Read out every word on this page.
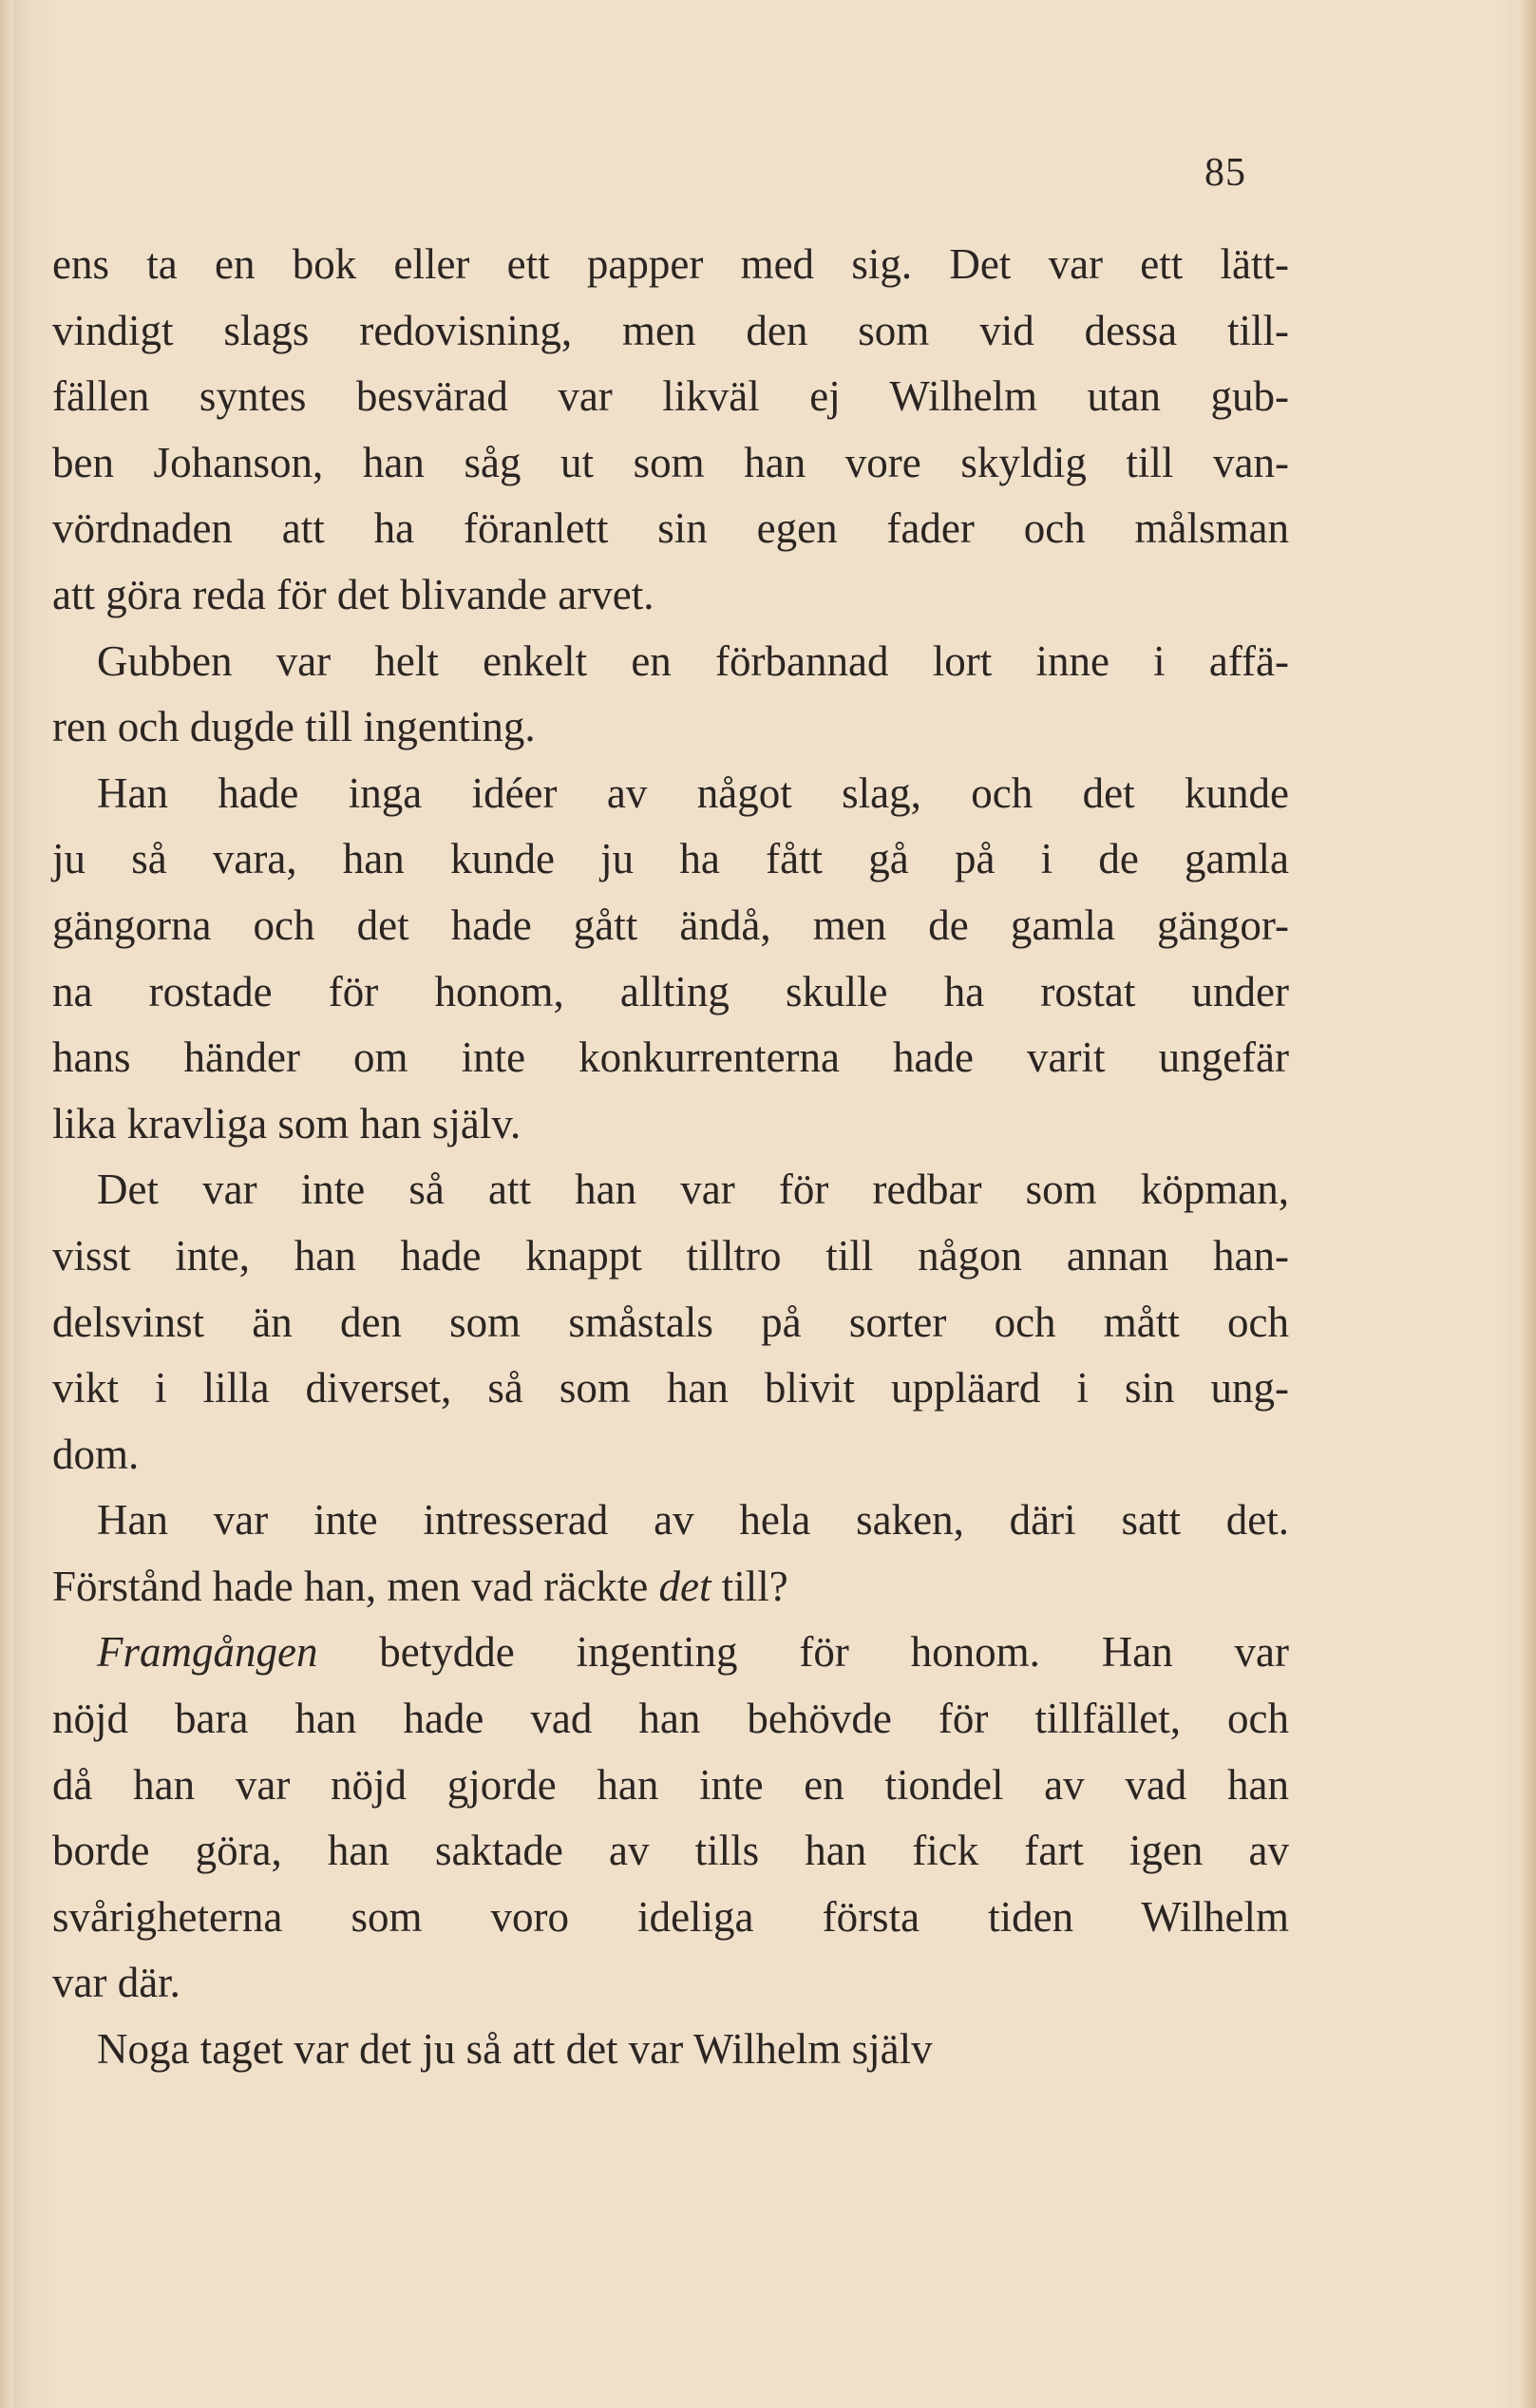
85
ens ta en bok eller ett papper med sig. Det var ett lätt-
vindigt slags redovisning, men den som vid dessa till-
fällen syntes besvärad var likväl ej Wilhelm utan gub-
ben Johanson, han såg ut som han vore skyldig till van-
vördnaden att ha föranlett sin egen fader och målsman
att göra reda för det blivande arvet.
Gubben var helt enkelt en förbannad lort inne i affä-
ren och dugde till ingenting.
Han hade inga idéer av något slag, och det kunde
ju så vara, han kunde ju ha fått gå på i de gamla
gängorna och det hade gått ändå, men de gamla gängor-
na rostade för honom, allting skulle ha rostat under
hans händer om inte konkurrenterna hade varit ungefär
lika kravliga som han själv.
Det var inte så att han var för redbar som köpman,
visst inte, han hade knappt tilltro till någon annan han-
delsvinst än den som småstals på sorter och mått och
vikt i lilla diverset, så som han blivit uppläard i sin ung-
dom.
Han var inte intresserad av hela saken, däri satt det.
Förstånd hade han, men vad räckte det till?
Framgången betydde ingenting för honom. Han var
nöjd bara han hade vad han behövde för tillfället, och
då han var nöjd gjorde han inte en tiondel av vad han
borde göra, han saktade av tills han fick fart igen av
svårigheterna som voro ideliga första tiden Wilhelm
var där.
Noga taget var det ju så att det var Wilhelm själv
